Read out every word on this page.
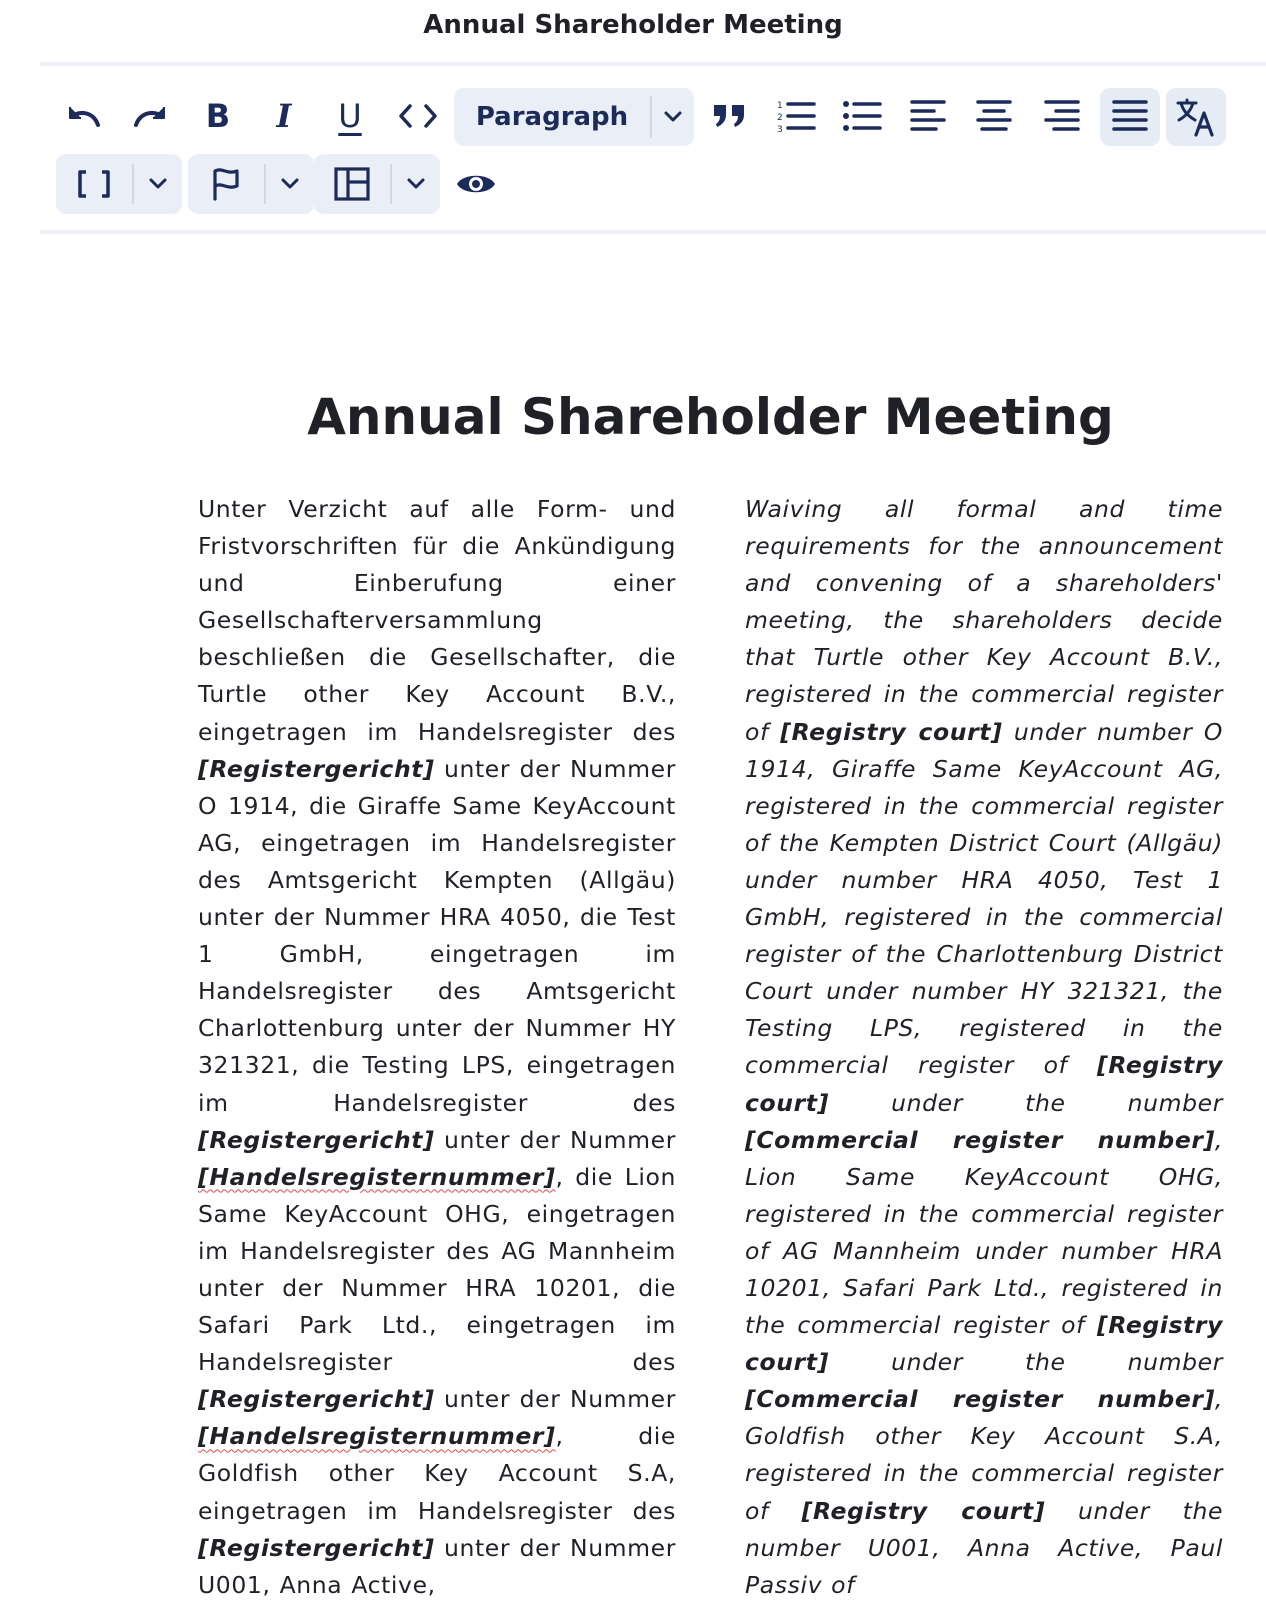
Annual Shareholder Meeting
B I U	Paragraph	1
2
3
Annual Shareholder Meeting
Unter Verzicht auf alle Form- und Fristvorschriften für die Ankündigung und Einberufung einer Gesellschafterversammlung beschließen die Gesellschafter, die Turtle other Key Account B.V., eingetragen im Handelsregister des [Registergericht] unter der Nummer O 1914, die Giraffe Same KeyAccount AG, eingetragen im Handelsregister des Amtsgericht Kempten (Allgäu) unter der Nummer HRA 4050, die Test 1 GmbH, eingetragen im Handelsregister des Amtsgericht Charlottenburg unter der Nummer HY 321321, die Testing LPS, eingetragen im Handelsregister des [Registergericht] unter der Nummer [Handelsregisternummer], die Lion Same KeyAccount OHG, eingetragen im Handelsregister des AG Mannheim unter der Nummer HRA 10201, die Safari Park Ltd., eingetragen im Handelsregister des [Registergericht] unter der Nummer [Handelsregisternummer], die Goldfish other Key Account S.A, eingetragen im Handelsregister des [Registergericht] unter der Nummer U001, Anna Active,
Waiving all formal and time requirements for the announcement and convening of a shareholders' meeting, the shareholders decide that Turtle other Key Account B.V., registered in the commercial register of [Registry court] under number O 1914, Giraffe Same KeyAccount AG, registered in the commercial register of the Kempten District Court (Allgäu) under number HRA 4050, Test 1 GmbH, registered in the commercial register of the Charlottenburg District Court under number HY 321321, the Testing LPS, registered in the commercial register of [Registry court] under the number [Commercial register number], Lion Same KeyAccount OHG, registered in the commercial register of AG Mannheim under number HRA 10201, Safari Park Ltd., registered in the commercial register of [Registry court] under the number [Commercial register number], Goldfish other Key Account S.A, registered in the commercial register of [Registry court] under the number U001, Anna Active, Paul Passiv of
